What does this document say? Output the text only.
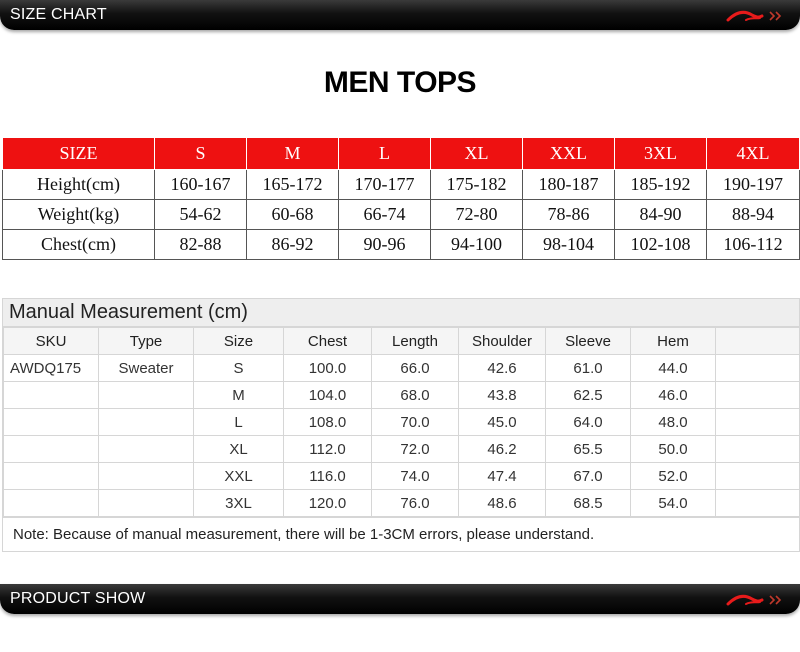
SIZE CHART
MEN TOPS
SIZE	S	M	L	XL	XXL	3XL	4XL
Height(cm)	160-167	165-172	170-177	175-182	180-187	185-192	190-197
Weight(kg)	54-62	60-68	66-74	72-80	78-86	84-90	88-94
Chest(cm)	82-88	86-92	90-96	94-100	98-104	102-108	106-112
Manual Measurement (cm)
SKU	Type	Size	Chest	Length	Shoulder	Sleeve	Hem	
AWDQ175	Sweater	S	100.0	66.0	42.6	61.0	44.0	
		M	104.0	68.0	43.8	62.5	46.0	
		L	108.0	70.0	45.0	64.0	48.0	
		XL	112.0	72.0	46.2	65.5	50.0	
		XXL	116.0	74.0	47.4	67.0	52.0	
		3XL	120.0	76.0	48.6	68.5	54.0	
Note: Because of manual measurement, there will be 1-3CM errors, please understand.
PRODUCT SHOW
